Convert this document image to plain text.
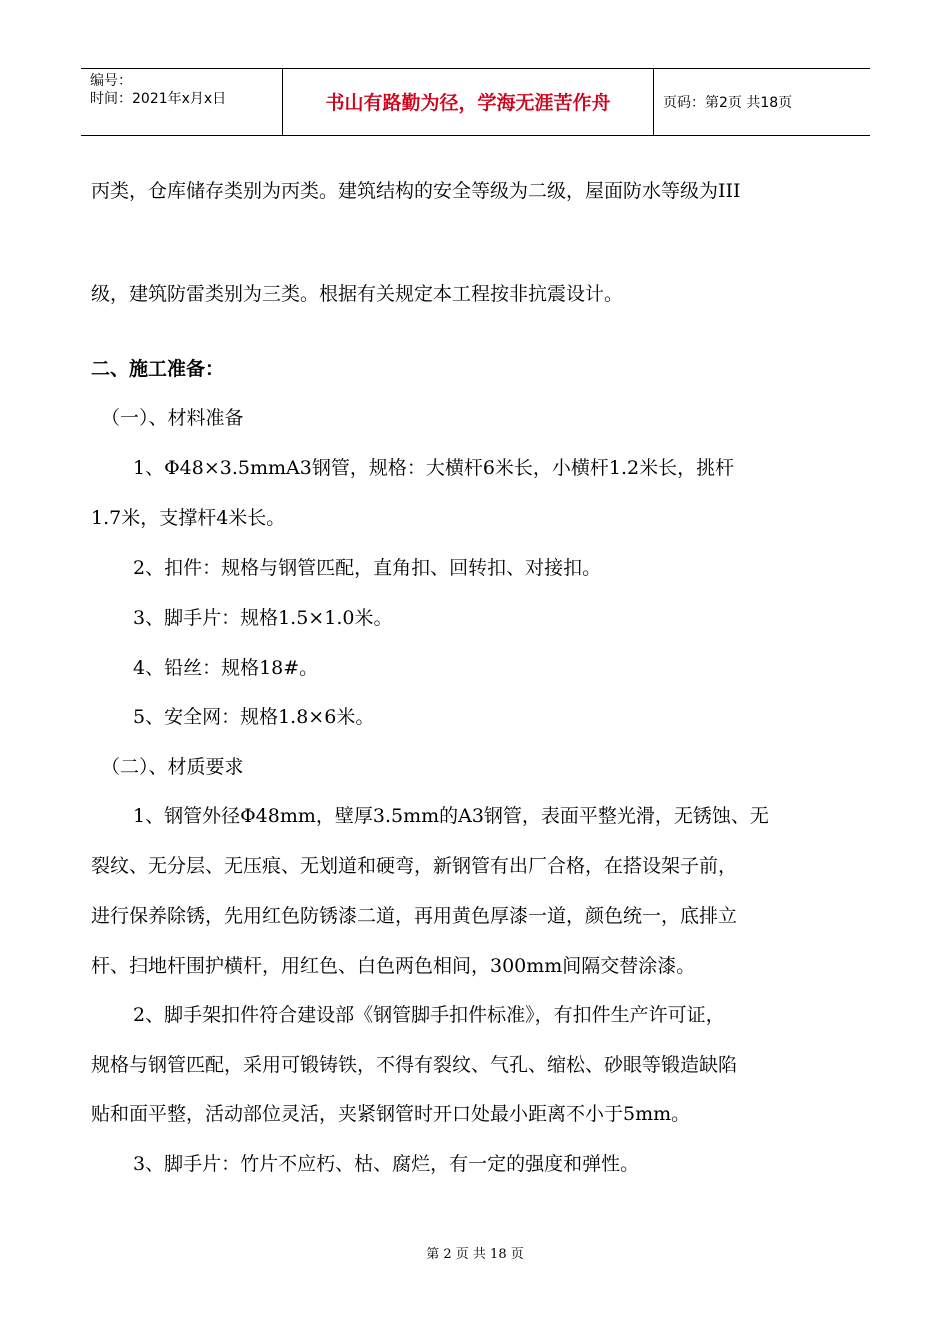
编号：
时间：2021年x月x日	书山有路勤为径，学海无涯苦作舟	页码：第2页 共18页
丙类，仓库储存类别为丙类。建筑结构的安全等级为二级，屋面防水等级为III
级，建筑防雷类别为三类。根据有关规定本工程按非抗震设计。
二、施工准备：
（一）、材料准备
1、Φ48×3.5mmA3钢管，规格：大横杆6米长，小横杆1.2米长，挑杆
1.7米，支撑杆4米长。
2、扣件：规格与钢管匹配，直角扣、回转扣、对接扣。
3、脚手片：规格1.5×1.0米。
4、铅丝：规格18#。
5、安全网：规格1.8×6米。
（二）、材质要求
1、钢管外径Φ48mm，壁厚3.5mm的A3钢管，表面平整光滑，无锈蚀、无
裂纹、无分层、无压痕、无划道和硬弯，新钢管有出厂合格，在搭设架子前，
进行保养除锈，先用红色防锈漆二道，再用黄色厚漆一道，颜色统一，底排立
杆、扫地杆围护横杆，用红色、白色两色相间，300mm间隔交替涂漆。
2、脚手架扣件符合建设部《钢管脚手扣件标准》，有扣件生产许可证，
规格与钢管匹配，采用可锻铸铁，不得有裂纹、气孔、缩松、砂眼等锻造缺陷
贴和面平整，活动部位灵活，夹紧钢管时开口处最小距离不小于5mm。
3、脚手片：竹片不应朽、枯、腐烂，有一定的强度和弹性。
第 2 页 共 18 页
